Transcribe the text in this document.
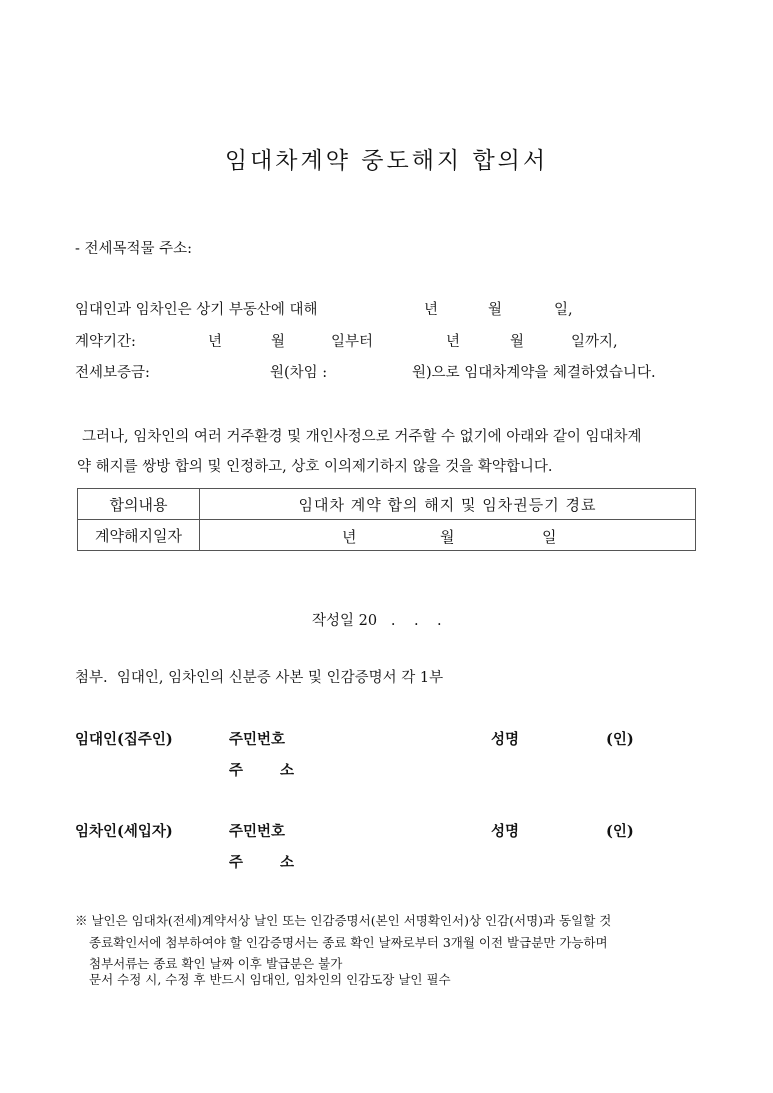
임대차계약 중도해지 합의서
- 전세목적물 주소:
임대인과 임차인은 상기 부동산에 대해	년	월	일,
계약기간:	년	월	일부터	년	월	일까지,
전세보증금:	원(차임 :	원)으로 임대차계약을 체결하였습니다.
그러나, 임차인의 여러 거주환경 및 개인사정으로 거주할 수 없기에 아래와 같이 임대차계
약 해지를 쌍방 합의 및 인정하고, 상호 이의제기하지 않을 것을 확약합니다.
합의내용	임대차 계약 합의 해지 및 임차권등기 경료
계약해지일자	년 월 일
작성일 20   .    .    .
첨부.  임대인, 임차인의 신분증 사본 및 인감증명서 각 1부
임대인(집주인)	주민번호	성명	(인)
주	소
임차인(세입자)	주민번호	성명	(인)
주	소
※ 날인은 임대차(전세)계약서상 날인 또는 인감증명서(본인 서명확인서)상 인감(서명)과 동일할 것
종료확인서에 첨부하여야 할 인감증명서는 종료 확인 날짜로부터 3개월 이전 발급분만 가능하며
첨부서류는 종료 확인 날짜 이후 발급분은 불가
문서 수정 시, 수정 후 반드시 임대인, 임차인의 인감도장 날인 필수
